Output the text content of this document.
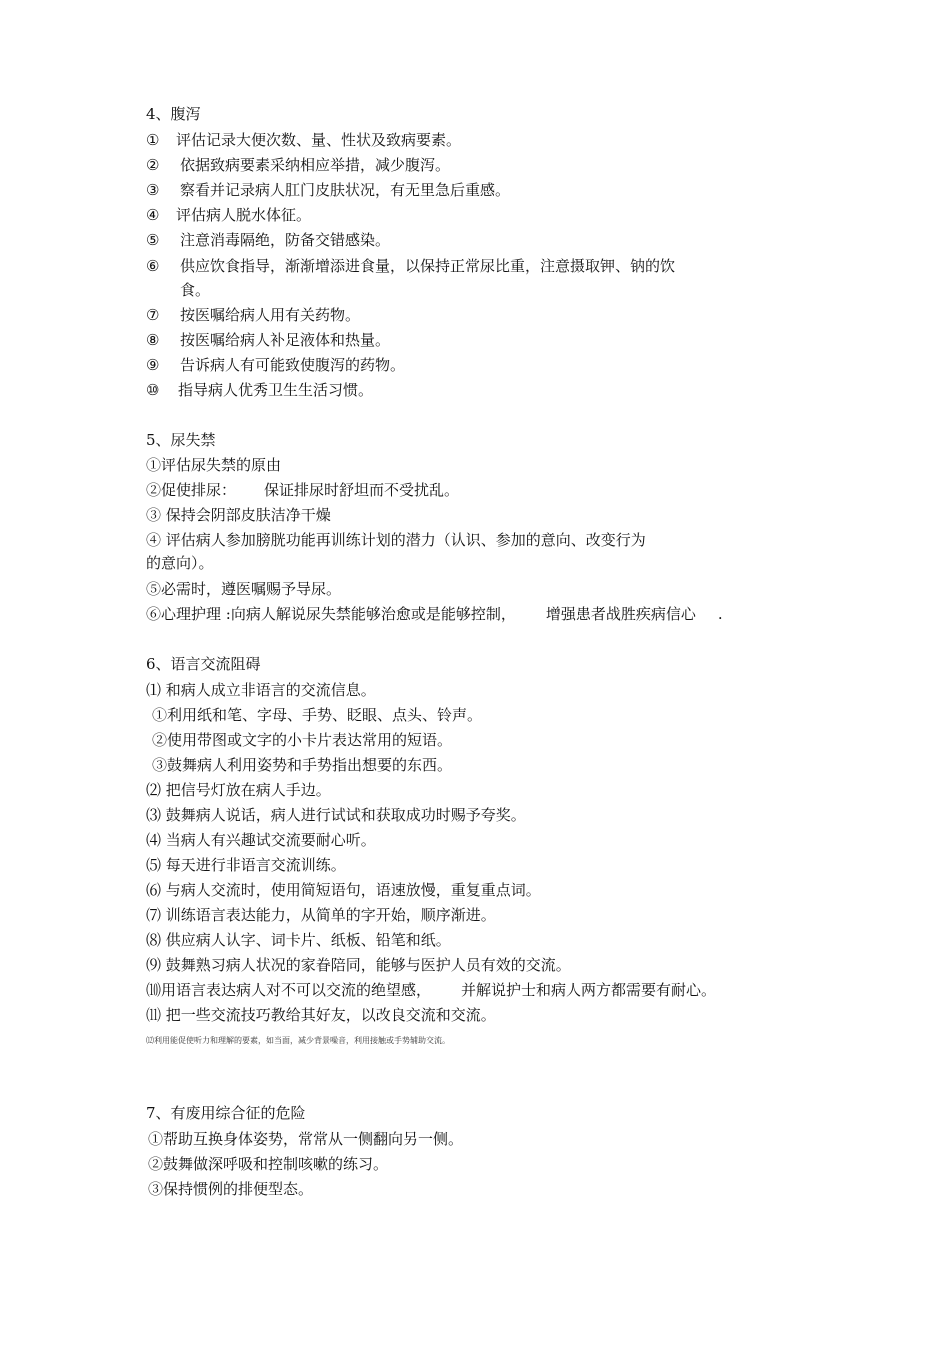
4、腹泻
① 评估记录大便次数、量、性状及致病要素。
② 依据致病要素采纳相应举措，减少腹泻。
③ 察看并记录病人肛门皮肤状况，有无里急后重感。
④ 评估病人脱水体征。
⑤ 注意消毒隔绝，防备交错感染。
⑥ 供应饮食指导，渐渐增添进食量，以保持正常尿比重，注意摄取钾、钠的饮
食。
⑦ 按医嘱给病人用有关药物。
⑧ 按医嘱给病人补足液体和热量。
⑨ 告诉病人有可能致使腹泻的药物。
⑩ 指导病人优秀卫生生活习惯。
5、尿失禁
①评估尿失禁的原由
②促使排尿： 保证排尿时舒坦而不受扰乱。
③ 保持会阴部皮肤洁净干燥
④ 评估病人参加膀胱功能再训练计划的潜力（认识、参加的意向、改变行为
的意向）。
⑤必需时，遵医嘱赐予导尿。
⑥心理护理 :向病人解说尿失禁能够治愈或是能够控制， 增强患者战胜疾病信心 .
6、语言交流阻碍
⑴ 和病人成立非语言的交流信息。
①利用纸和笔、字母、手势、眨眼、点头、铃声。
②使用带图或文字的小卡片表达常用的短语。
③鼓舞病人利用姿势和手势指出想要的东西。
⑵ 把信号灯放在病人手边。
⑶ 鼓舞病人说话，病人进行试试和获取成功时赐予夸奖。
⑷ 当病人有兴趣试交流要耐心听。
⑸ 每天进行非语言交流训练。
⑹ 与病人交流时，使用简短语句，语速放慢，重复重点词。
⑺ 训练语言表达能力，从简单的字开始，顺序渐进。
⑻ 供应病人认字、词卡片、纸板、铅笔和纸。
⑼ 鼓舞熟习病人状况的家眷陪同，能够与医护人员有效的交流。
⑽用语言表达病人对不可以交流的绝望感， 并解说护士和病人两方都需要有耐心。
⑾ 把一些交流技巧教给其好友，以改良交流和交流。
⑿利用能促使听力和理解的要素，如当面，减少背景噪音，利用接触或手势辅助交流。
7、有废用综合征的危险
①帮助互换身体姿势，常常从一侧翻向另一侧。
②鼓舞做深呼吸和控制咳嗽的练习。
③保持惯例的排便型态。
